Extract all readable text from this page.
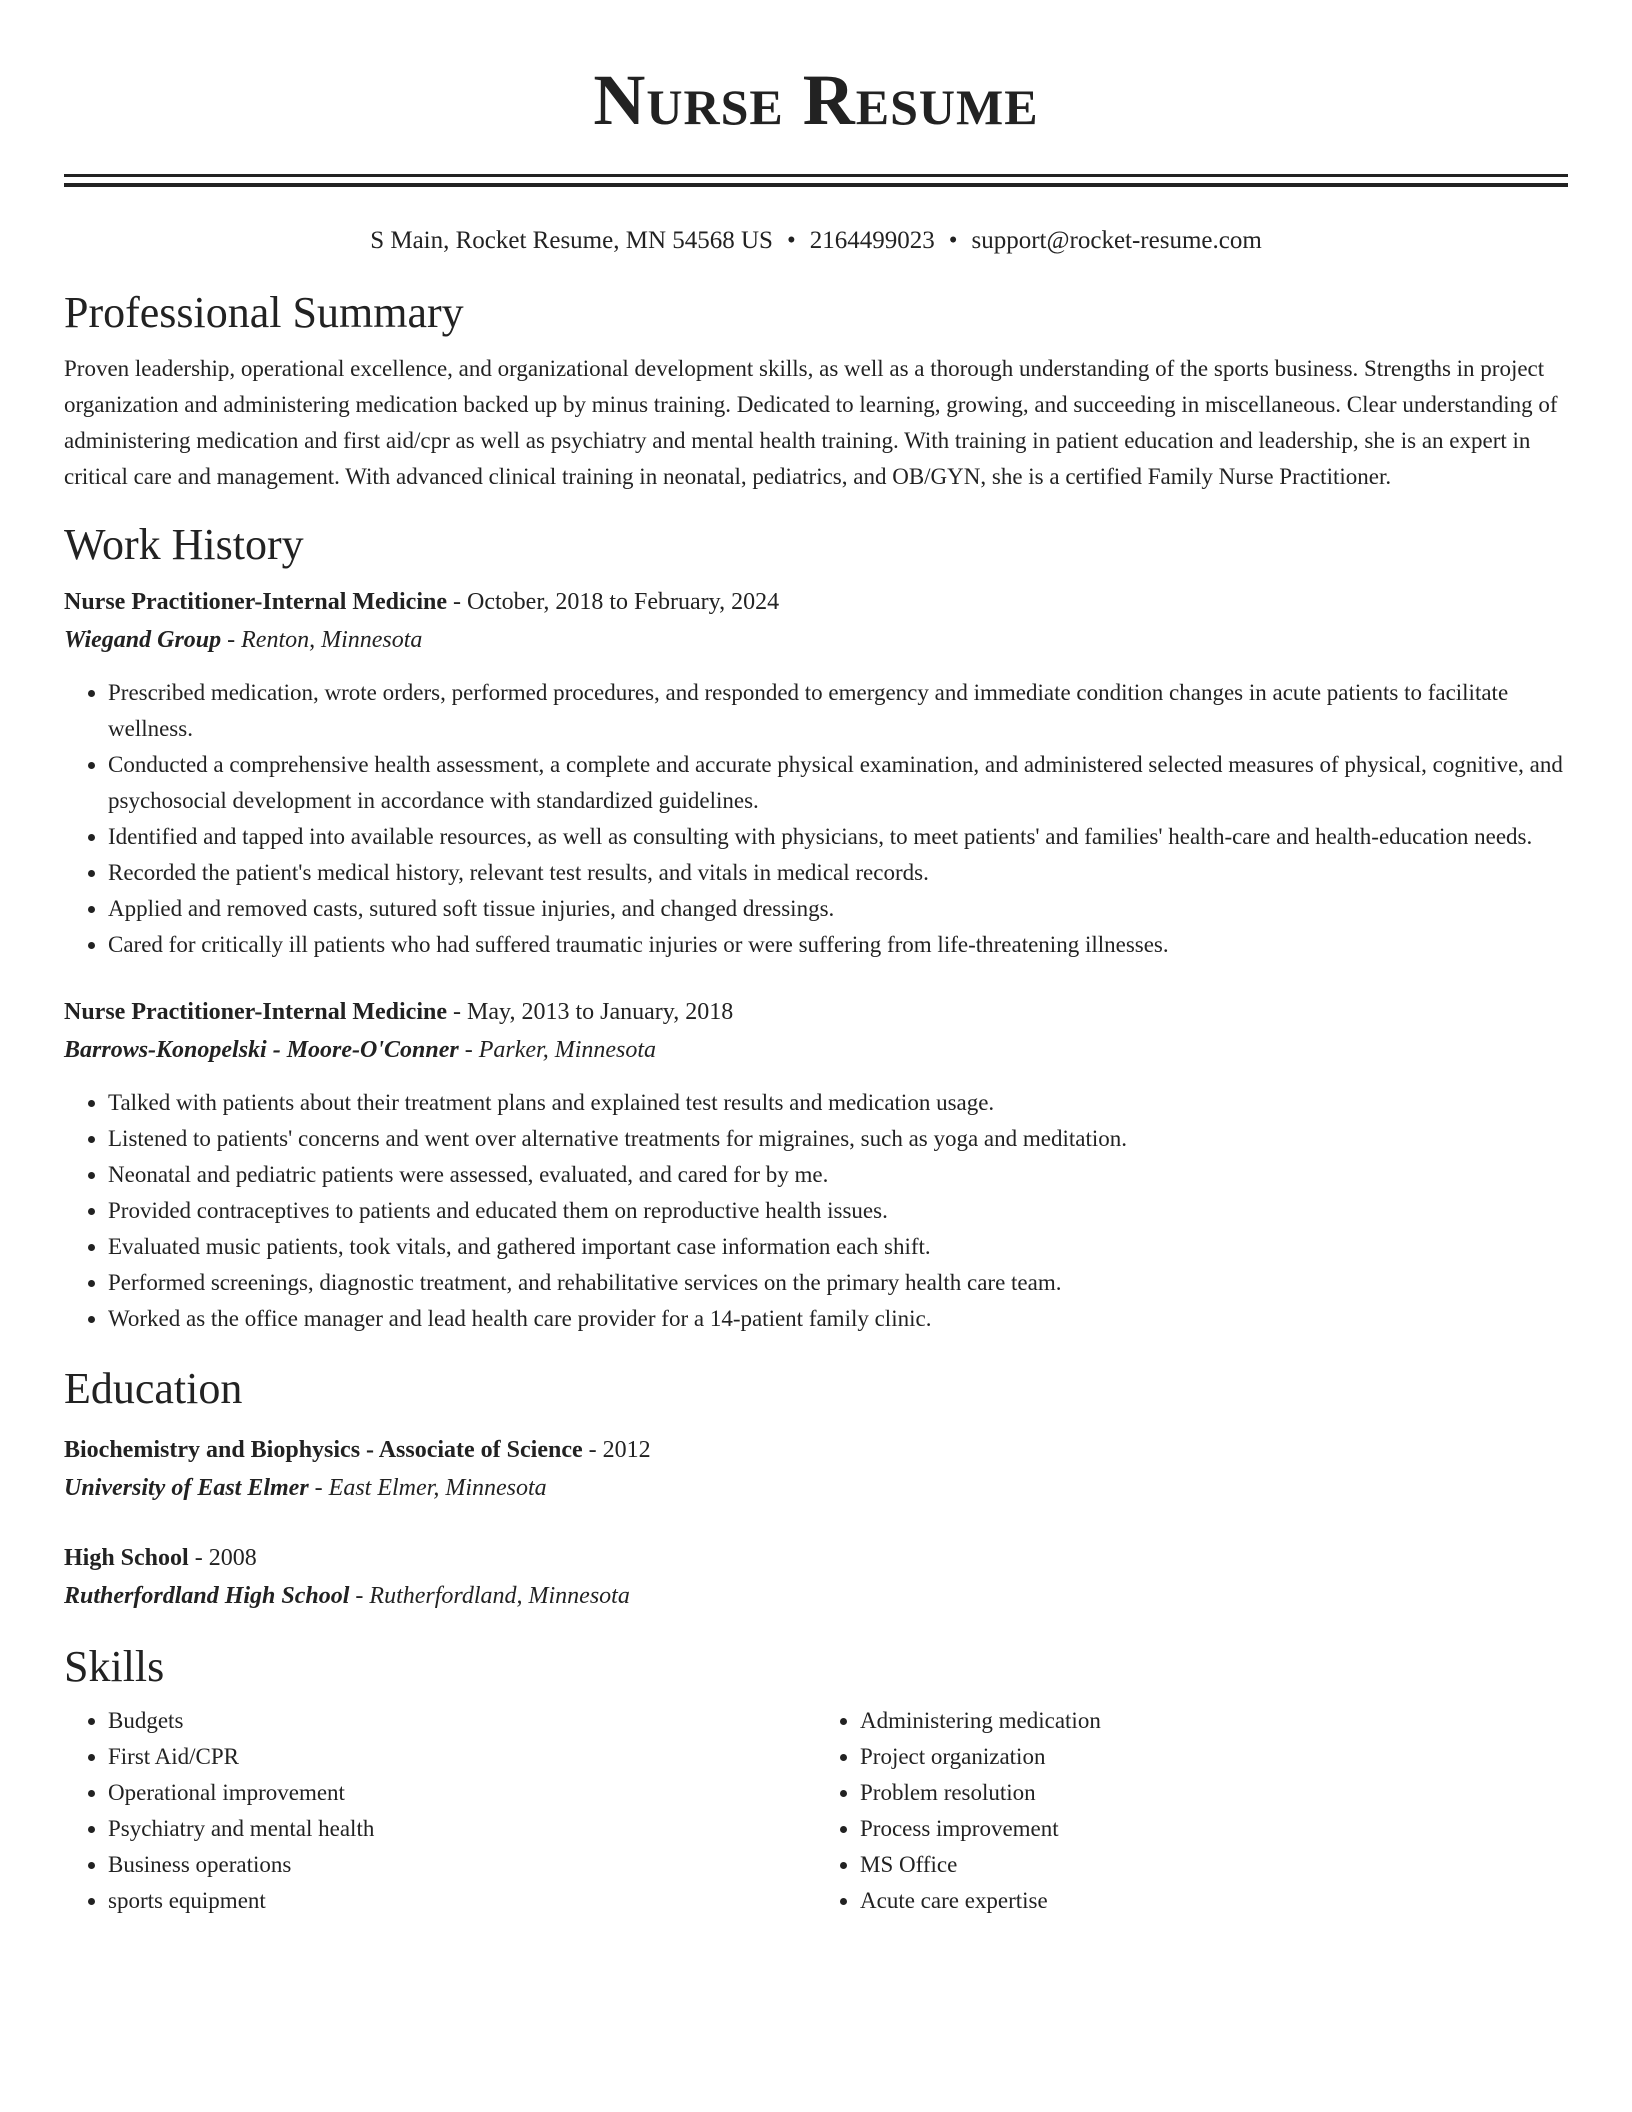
Nurse Resume
S Main, Rocket Resume, MN 54568 US • 2164499023 • support@rocket-resume.com
Professional Summary

Proven leadership, operational excellence, and organizational development skills, as well as a thorough understanding of the sports business. Strengths in project organization and administering medication backed up by minus training. Dedicated to learning, growing, and succeeding in miscellaneous. Clear understanding of administering medication and first aid/cpr as well as psychiatry and mental health training. With training in patient education and leadership, she is an expert in critical care and management. With advanced clinical training in neonatal, pediatrics, and OB/GYN, she is a certified Family Nurse Practitioner.

Work History
Nurse Practitioner-Internal Medicine - October, 2018 to February, 2024
Wiegand Group - Renton, Minnesota
• Prescribed medication, wrote orders, performed procedures, and responded to emergency and immediate condition changes in acute patients to facilitate wellness.
• Conducted a comprehensive health assessment, a complete and accurate physical examination, and administered selected measures of physical, cognitive, and psychosocial development in accordance with standardized guidelines.
• Identified and tapped into available resources, as well as consulting with physicians, to meet patients' and families' health-care and health-education needs.
• Recorded the patient's medical history, relevant test results, and vitals in medical records.
• Applied and removed casts, sutured soft tissue injuries, and changed dressings.
• Cared for critically ill patients who had suffered traumatic injuries or were suffering from life-threatening illnesses.
Nurse Practitioner-Internal Medicine - May, 2013 to January, 2018
Barrows-Konopelski - Moore-O'Conner - Parker, Minnesota
• Talked with patients about their treatment plans and explained test results and medication usage.
• Listened to patients' concerns and went over alternative treatments for migraines, such as yoga and meditation.
• Neonatal and pediatric patients were assessed, evaluated, and cared for by me.
• Provided contraceptives to patients and educated them on reproductive health issues.
• Evaluated music patients, took vitals, and gathered important case information each shift.
• Performed screenings, diagnostic treatment, and rehabilitative services on the primary health care team.
• Worked as the office manager and lead health care provider for a 14-patient family clinic.
Education
Biochemistry and Biophysics - Associate of Science - 2012
University of East Elmer - East Elmer, Minnesota
High School - 2008
Rutherfordland High School - Rutherfordland, Minnesota
Skills
• Budgets
• First Aid/CPR
• Operational improvement
• Psychiatry and mental health
• Business operations
• sports equipment
• Administering medication
• Project organization
• Problem resolution
• Process improvement
• MS Office
• Acute care expertise
